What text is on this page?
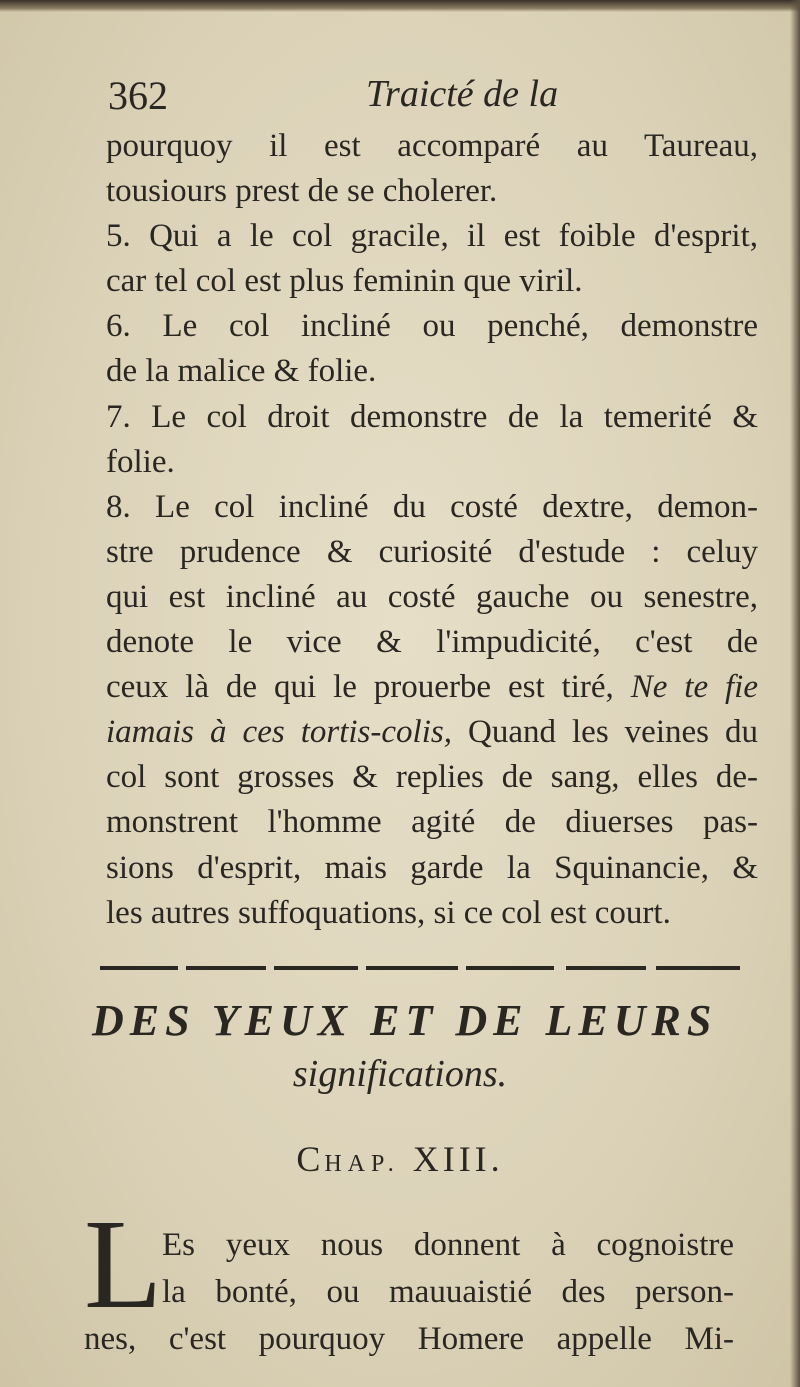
362	Traicté de la
pourquoy il est accomparé au Taureau,
tousiours prest de se cholerer.
5. Qui a le col gracile, il est foible d'esprit,
car tel col est plus feminin que viril.
6. Le col incliné ou penché, demonstre
de la malice & folie.
7. Le col droit demonstre de la temerité &
folie.
8. Le col incliné du costé dextre, demon-
stre prudence & curiosité d'estude : celuy
qui est incliné au costé gauche ou senestre,
denote le vice & l'impudicité, c'est de
ceux là de qui le prouerbe est tiré, Ne te fie
iamais à ces tortis-colis, Quand les veines du
col sont grosses & replies de sang, elles de-
monstrent l'homme agité de diuerses pas-
sions d'esprit, mais garde la Squinancie, &
les autres suffoquations, si ce col est court.
DES YEUX ET DE LEURS
significations.
CHAP. XIII.
L Es yeux nous donnent à cognoistre
la bonté, ou mauuaistié des person-
nes, c'est pourquoy Homere appelle Mi-
